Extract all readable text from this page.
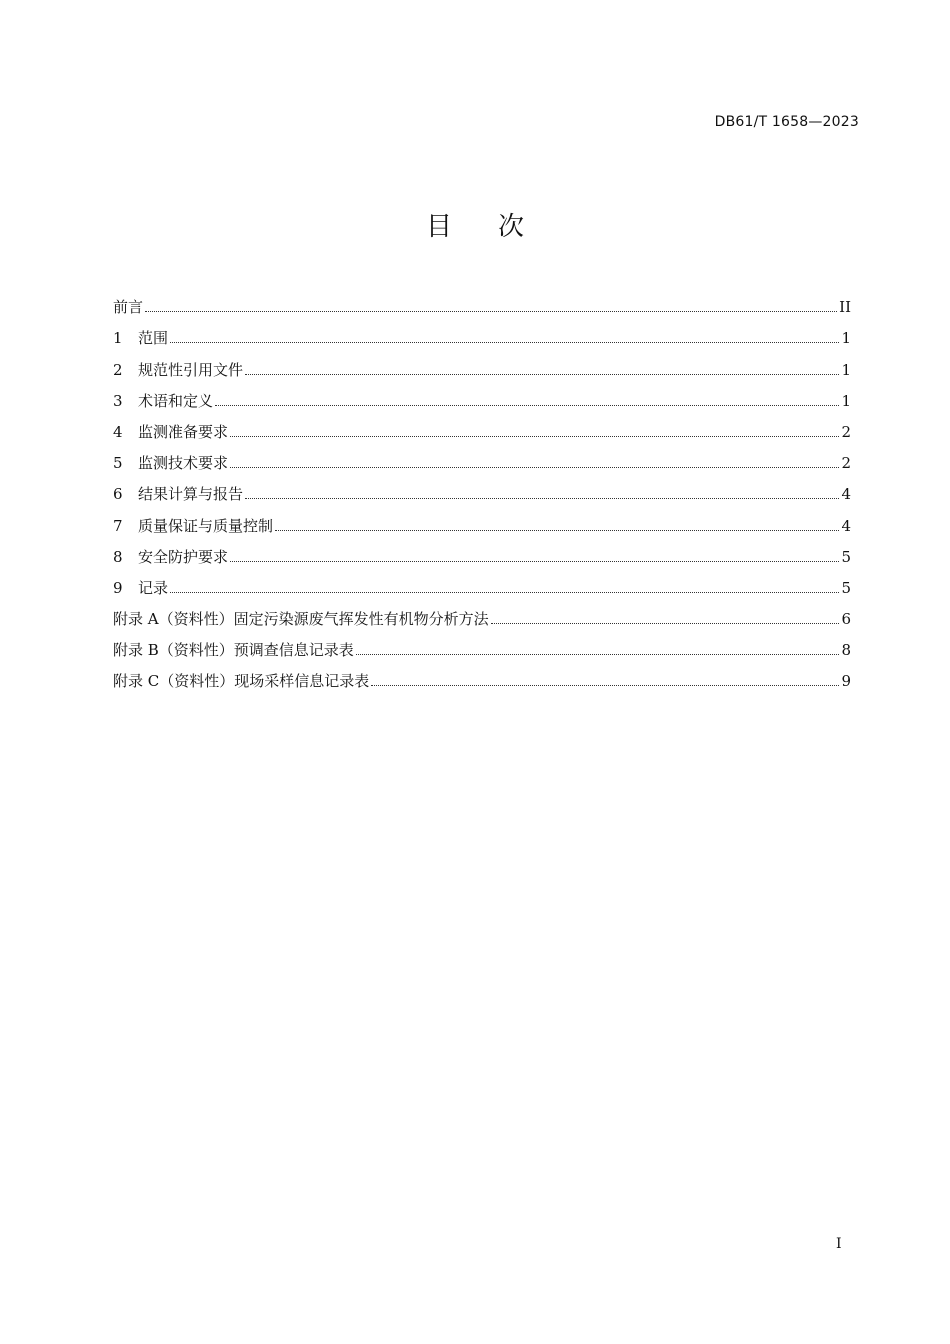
DB61/T 1658—2023
目 次
前言	II
1	范围	1
2	规范性引用文件	1
3	术语和定义	1
4	监测准备要求	2
5	监测技术要求	2
6	结果计算与报告	4
7	质量保证与质量控制	4
8	安全防护要求	5
9	记录	5
附录 A（资料性）固定污染源废气挥发性有机物分析方法	6
附录 B（资料性）预调查信息记录表	8
附录 C（资料性）现场采样信息记录表	9
I
